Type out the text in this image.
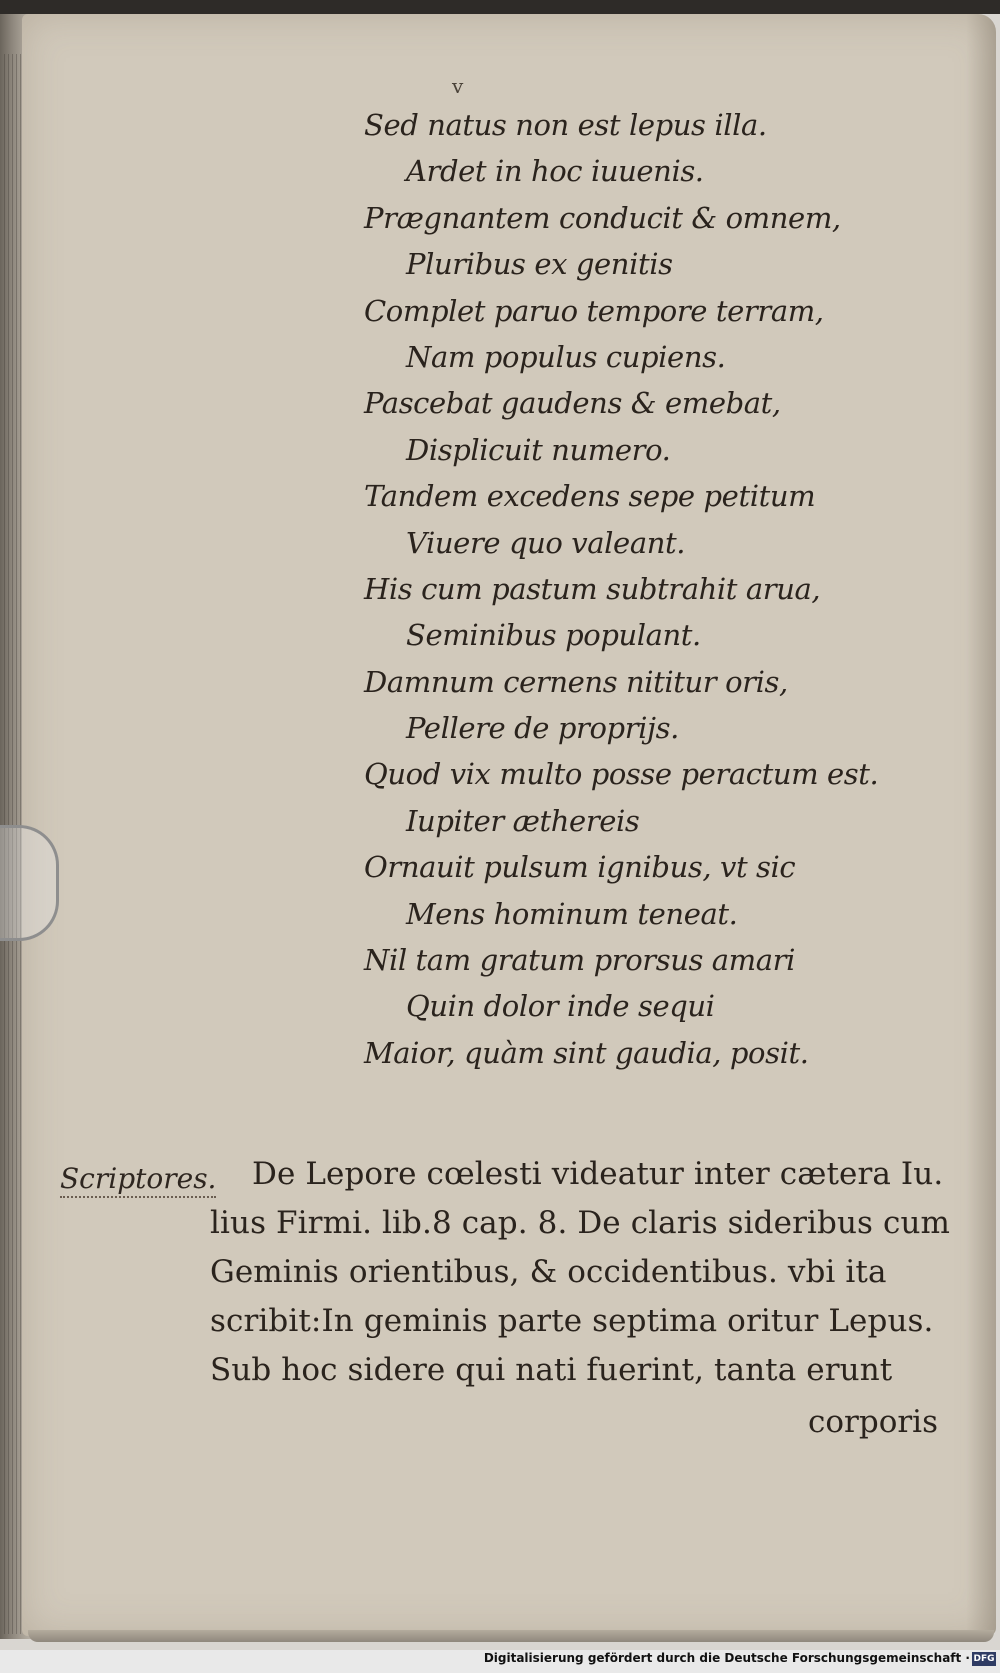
v
Sed natus non est lepus illa.
Ardet in hoc iuuenis.
Prægnantem conducit & omnem,
Pluribus ex genitis
Complet paruo tempore terram,
Nam populus cupiens.
Pascebat gaudens & emebat,
Displicuit numero.
Tandem excedens sepe petitum
Viuere quo valeant.
His cum pastum subtrahit arua,
Seminibus populant.
Damnum cernens nititur oris,
Pellere de proprijs.
Quod vix multo posse peractum est.
Iupiter æthereis
Ornauit pulsum ignibus, vt sic
Mens hominum teneat.
Nil tam gratum prorsus amari
Quin dolor inde sequi
Maior, quàm sint gaudia, posit.
Scriptores.	De Lepore cœlesti videatur inter cætera Iu.
lius Firmi. lib.8 cap. 8. De claris sideribus cum
Geminis orientibus, & occidentibus. vbi ita
scribit:In geminis parte septima oritur Lepus.
Sub hoc sidere qui nati fuerint, tanta erunt
corporis
Digitalisierung gefördert durch die Deutsche Forschungsgemeinschaft · DFG
